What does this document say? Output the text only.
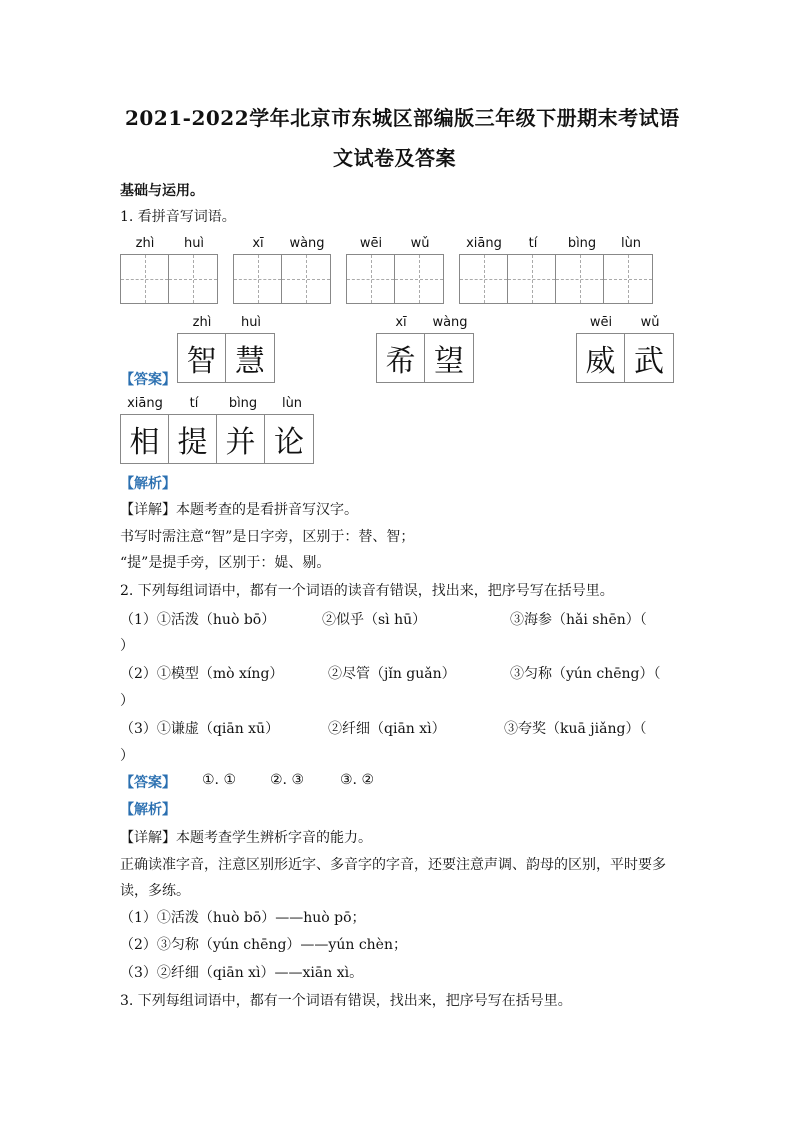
2021-2022学年北京市东城区部编版三年级下册期末考试语
文试卷及答案
基础与运用。
1. 看拼音写词语。
zhì	huì	xī	wàng	wēi	wǔ	xiāng	tí	bìng	lùn
zhì	huì
智 慧
xī	wàng
希 望
wēi	wǔ
威 武
【答案】
xiāng	tí	bìng	lùn
相 提 并 论
【解析】
【详解】本题考查的是看拼音写汉字。
书写时需注意“智”是日字旁，区别于：替、智；
“提”是提手旁，区别于：媞、剔。
2. 下列每组词语中，都有一个词语的读音有错误，找出来，把序号写在括号里。
（1）①活泼（huò bō）	②似乎（sì hū）	③海参（hǎi shēn）（
）
（2）①模型（mò xíng）	②尽管（jǐn guǎn）	③匀称（yún chēng）（
）
（3）①谦虚（qiān xū）	②纤细（qiān xì）	③夸奖（kuā jiǎng）（
）
【答案】 ①. ① ②. ③	③. ②
【解析】
【详解】本题考查学生辨析字音的能力。
正确读准字音，注意区别形近字、多音字的字音，还要注意声调、韵母的区别，平时要多
读，多练。
（1）①活泼（huò bō）——huò pō；
（2）③匀称（yún chēng）——yún chèn；
（3）②纤细（qiān xì）——xiān xì。
3. 下列每组词语中，都有一个词语有错误，找出来，把序号写在括号里。
